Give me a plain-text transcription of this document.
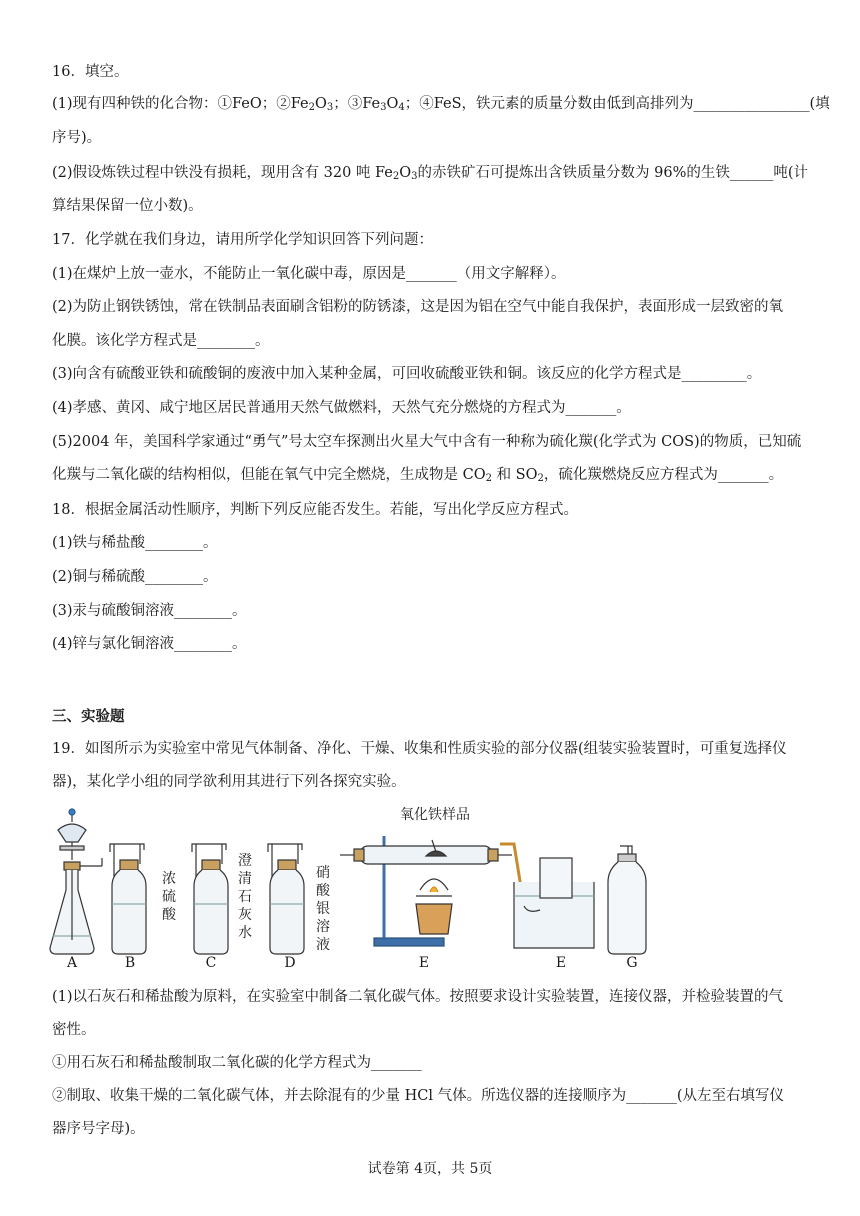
16．填空。
(1)现有四种铁的化合物：①FeO；$②Fe_2O_3$；$③Fe_3O_4$；④FeS，铁元素的质量分数由低到高排列为________________(填
序号)。
(2)假设炼铁过程中铁没有损耗，现用含有 320 吨 $Fe_2O_3$的赤铁矿石可提炼出含铁质量分数为 96%的生铁______吨(计
算结果保留一位小数)。
17．化学就在我们身边，请用所学化学知识回答下列问题：
(1)在煤炉上放一壶水，不能防止一氧化碳中毒，原因是_______（用文字解释）。
(2)为防止钢铁锈蚀，常在铁制品表面刷含铝粉的防锈漆，这是因为铝在空气中能自我保护，表面形成一层致密的氧
化膜。该化学方程式是________。
(3)向含有硫酸亚铁和硫酸铜的废液中加入某种金属，可回收硫酸亚铁和铜。该反应的化学方程式是_________。
(4)孝感、黄冈、咸宁地区居民普通用天然气做燃料，天然气充分燃烧的方程式为_______。
(5)2004 年，美国科学家通过“勇气”号太空车探测出火星大气中含有一种称为硫化羰(化学式为 COS)的物质，已知硫
化羰与二氧化碳的结构相似，但能在氧气中完全燃烧，生成物是 $CO_2$ 和 $SO_2$，硫化羰燃烧反应方程式为_______。
18．根据金属活动性顺序，判断下列反应能否发生。若能，写出化学反应方程式。
(1)铁与稀盐酸________。
(2)铜与稀硫酸________。
(3)汞与硫酸铜溶液________。
(4)锌与氯化铜溶液________。
三、实验题
19．如图所示为实验室中常见气体制备、净化、干燥、收集和性质实验的部分仪器(组装实验装置时，可重复选择仪
器)，某化学小组的同学欲利用其进行下列各探究实验。
氧化铁样品
浓硫酸
澄清石灰水
硝酸银溶液
A	B	C	D	E	E	G
(1)以石灰石和稀盐酸为原料，在实验室中制备二氧化碳气体。按照要求设计实验装置，连接仪器，并检验装置的气
密性。
①用石灰石和稀盐酸制取二氧化碳的化学方程式为_______
②制取、收集干燥的二氧化碳气体，并去除混有的少量 HCl 气体。所选仪器的连接顺序为_______(从左至右填写仪
器序号字母)。
试卷第 4页，共 5页
